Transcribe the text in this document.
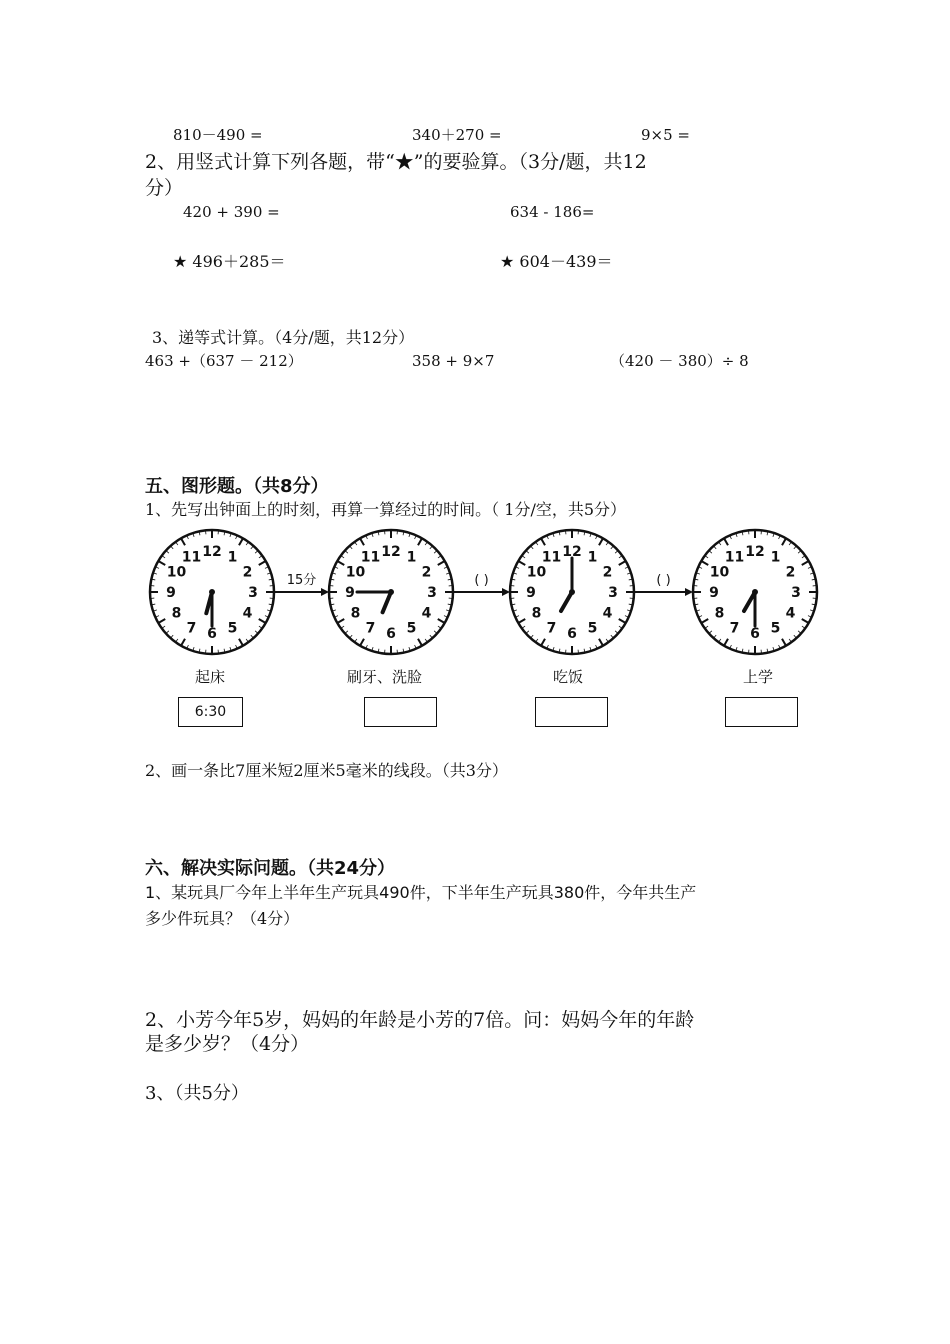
810－490 =	340＋270 =	9×5 =
2、用竖式计算下列各题，带“★”的要验算。（3分/题，共12
分）
420 + 390 =	634 - 186=
★ 496＋285＝	★ 604－439＝
3、递等式计算。（4分/题，共12分）
463 +（637 － 212）	358 + 9×7	（420 － 380）÷ 8
五、图形题。（共8分）
1、先写出钟面上的时刻，再算一算经过的时间。（ 1分/空，共5分）
12 1
2
3
4
5
6
7
8
9
10
11	12 1
2
3
4
5
6
7
8
9
10
11	12 1
2
3
4
5
6
7
8
9
10
11	12 1
2
3
4
5
6
7
8
9
10
11
15分	( )	( )
起床	刷牙、洗脸	吃饭	上学
6:30
2、画一条比7厘米短2厘米5毫米的线段。（共3分）
六、解决实际问题。（共24分）
1、某玩具厂今年上半年生产玩具490件，下半年生产玩具380件，今年共生产
多少件玩具？（4分）
2、小芳今年5岁，妈妈的年龄是小芳的7倍。问：妈妈今年的年龄
是多少岁？（4分）
3、（共5分）
